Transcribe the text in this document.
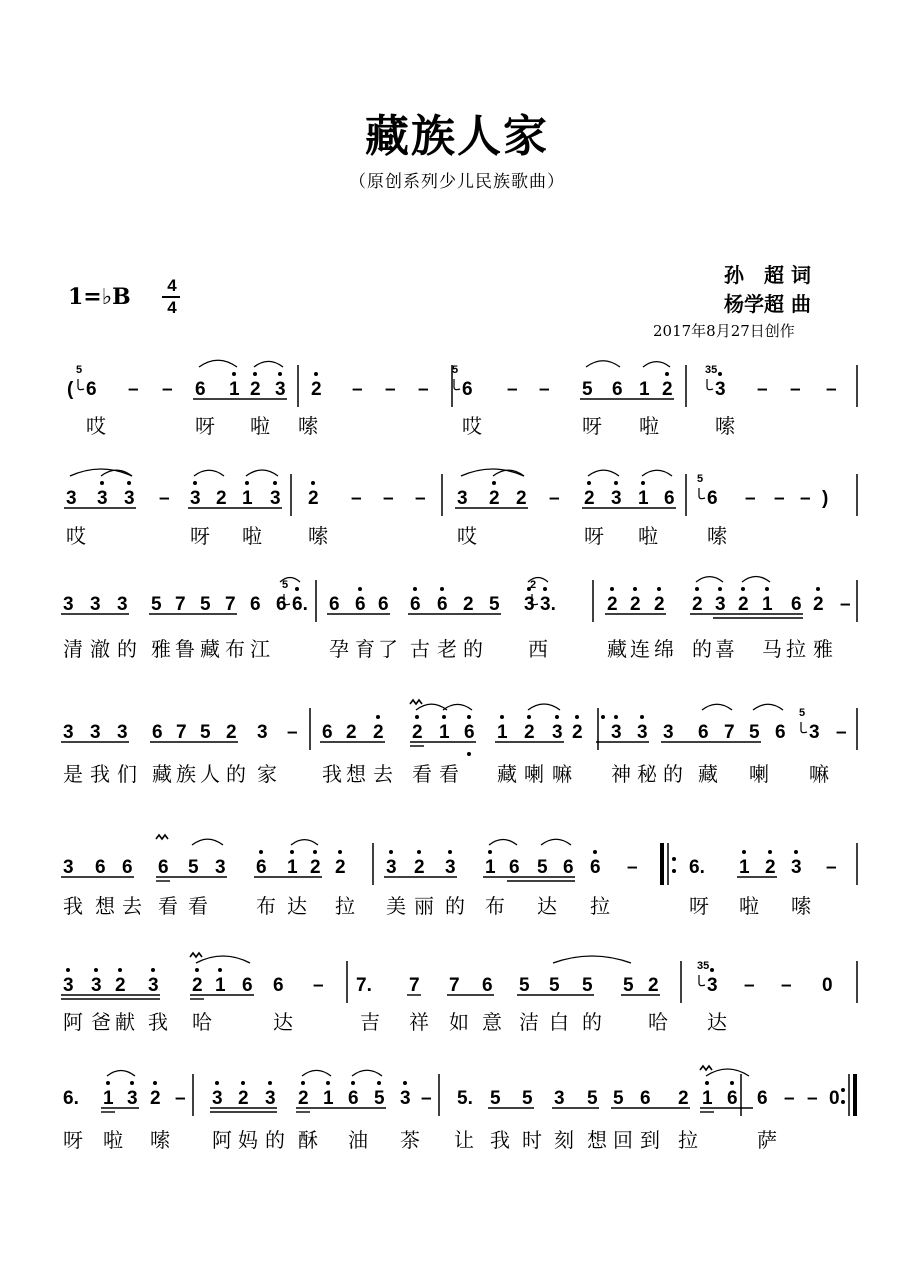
藏族人家
（原创系列少儿民族歌曲）
1=♭B	4
4
孙　超 词
杨学超 曲
2017年8月27日创作
( 6 – – 6 1 2 3 2 – – – 6 – – 5 6 1 2 3 – – –
哎	呀 啦 嗦	哎	呀 啦	嗦
3 3 3 – 3 2 1 3 2 – – – 3 2 2 – 2 3 1 6 6 – – – )
哎	呀 啦 嗦	哎	呀 啦 嗦
3 3 3 5 7 5 7 6 6 6. 6 6 6 6 6 2 5 3 3.	2 2 2 2 3 2 1 6 2 –
清 澈 的 雅 鲁 藏 布 江	孕 育 了 古 老 的 西	藏 连 绵 的 喜 马 拉 雅
3 3 3 6 7 5 2 3 – 6 2 2 2 1 6 1 2 3 2 3 3 3 6 7 5 6 3 –
是 我 们 藏 族 人 的 家 我 想 去 看 看 藏 喇 嘛 神 秘 的 藏 喇 嘛
3 6 6 6 5 3 6 1 2 2 3 2 3 1 6 5 6 6 –	6. 1 2 3 –
我 想 去 看 看 布 达 拉 美 丽 的 布 达 拉	呀 啦 嗦
3 3 2 3 2 1 6 6 – 7. 7 7 6 5 5 5 5 2	3 – – 0
阿 爸 献 我 哈	达	吉 祥 如 意 洁 白 的 哈 达
6. 1 3 2 – 3 2 3 2 1 6 5 3 – 5. 5 5 3 5 5 6 2 1 6 6 – – 0
呀 啦 嗦 阿 妈 的 酥 油 茶 让 我 时 刻 想 回 到 拉	萨
5	5	35
5
5	2
5
35
